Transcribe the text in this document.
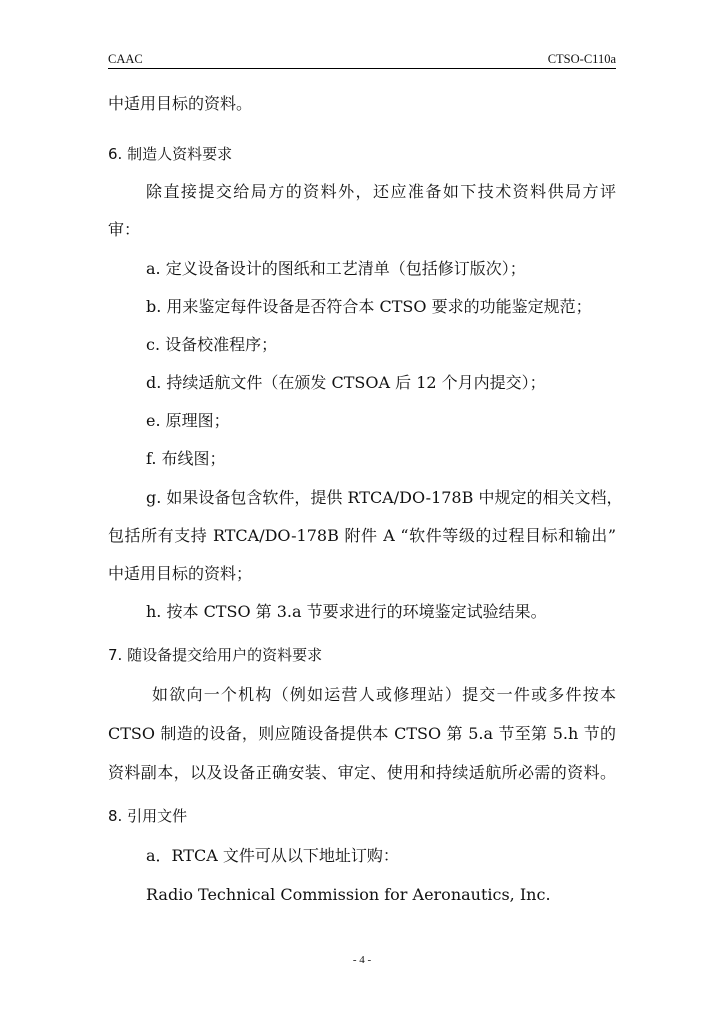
CAAC	CTSO-C110a
中适用目标的资料。
6. 制造人资料要求
除直接提交给局方的资料外，还应准备如下技术资料供局方评
审：
a. 定义设备设计的图纸和工艺清单（包括修订版次）；
b. 用来鉴定每件设备是否符合本 CTSO 要求的功能鉴定规范；
c. 设备校准程序；
d. 持续适航文件（在颁发 CTSOA 后 12 个月内提交）；
e. 原理图；
f. 布线图；
g. 如果设备包含软件，提供 RTCA/DO-178B 中规定的相关文档，
包括所有支持 RTCA/DO-178B 附件 A “软件等级的过程目标和输出”
中适用目标的资料；
h. 按本 CTSO 第 3.a 节要求进行的环境鉴定试验结果。
7. 随设备提交给用户的资料要求
如欲向一个机构（例如运营人或修理站）提交一件或多件按本
CTSO 制造的设备，则应随设备提供本 CTSO 第 5.a 节至第 5.h 节的
资料副本，以及设备正确安装、审定、使用和持续适航所必需的资料。
8. 引用文件
a．RTCA 文件可从以下地址订购：
Radio Technical Commission for Aeronautics, Inc.
- 4 -
